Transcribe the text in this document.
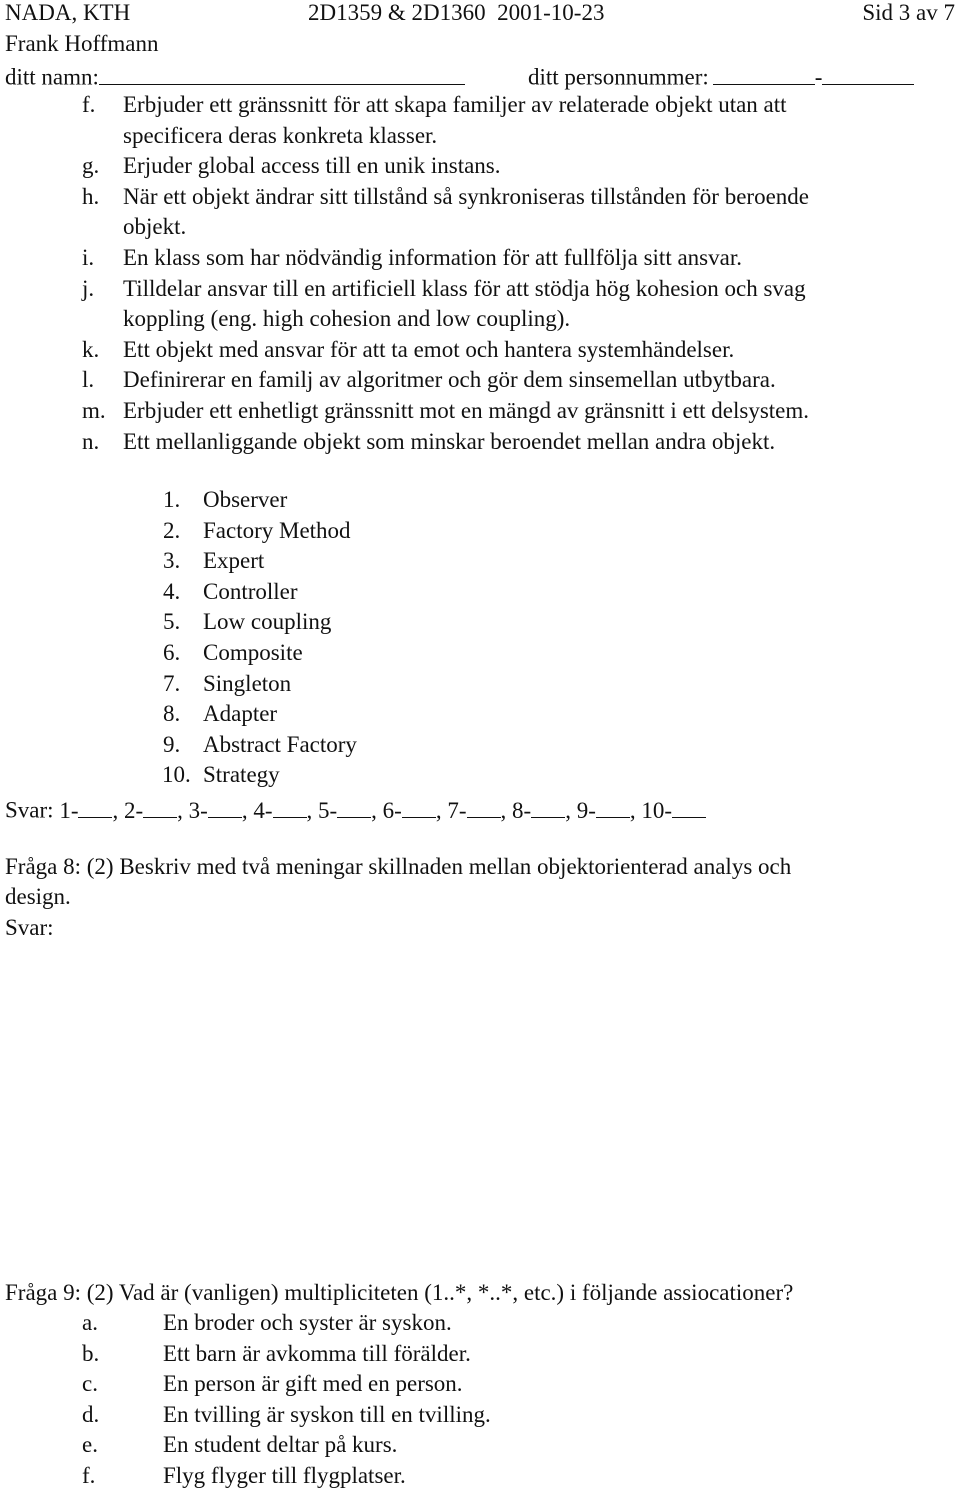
NADA, KTH	2D1359 & 2D1360 2001-10-23	Sid 3 av 7
Frank Hoffmann
ditt namn:	ditt personnummer:	-
f. Erbjuder ett gränssnitt för att skapa familjer av relaterade objekt utan att
specificera deras konkreta klasser.
g. Erjuder global access till en unik instans.
h. När ett objekt ändrar sitt tillstånd så synkroniseras tillstånden för beroende
objekt.
i. En klass som har nödvändig information för att fullfölja sitt ansvar.
j. Tilldelar ansvar till en artificiell klass för att stödja hög kohesion och svag
koppling (eng. high cohesion and low coupling).
k. Ett objekt med ansvar för att ta emot och hantera systemhändelser.
l. Definirerar en familj av algoritmer och gör dem sinsemellan utbytbara.
m. Erbjuder ett enhetligt gränssnitt mot en mängd av gränsnitt i ett delsystem.
n. Ett mellanliggande objekt som minskar beroendet mellan andra objekt.
1. Observer
2. Factory Method
3. Expert
4. Controller
5. Low coupling
6. Composite
7. Singleton
8. Adapter
9. Abstract Factory
10. Strategy
Svar: 1- , 2- , 3- , 4- , 5- , 6- , 7- , 8- , 9- , 10-
Fråga 8: (2) Beskriv med två meningar skillnaden mellan objektorienterad analys och
design.
Svar:
Fråga 9: (2) Vad är (vanligen) multipliciteten (1..*, *..*, etc.) i följande assiocationer?
a.	En broder och syster är syskon.
b.	Ett barn är avkomma till förälder.
c.	En person är gift med en person.
d.	En tvilling är syskon till en tvilling.
e.	En student deltar på kurs.
f.	Flyg flyger till flygplatser.
